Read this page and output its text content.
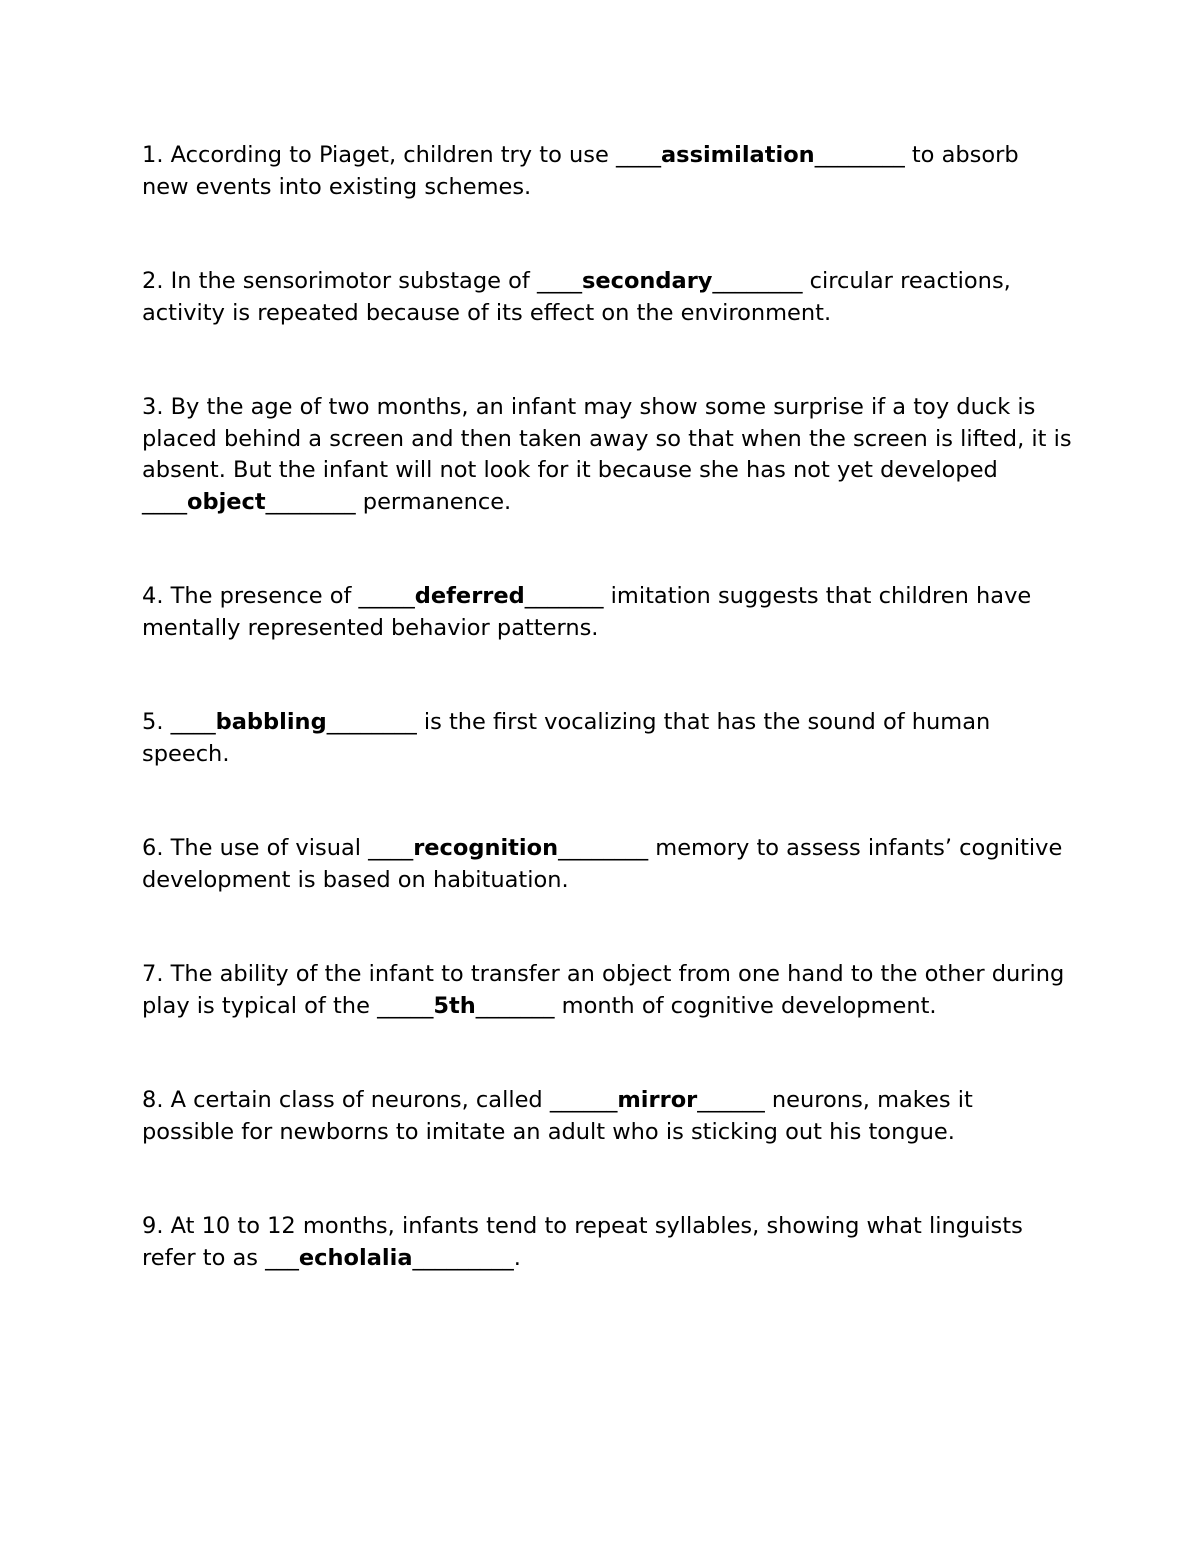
1. According to Piaget, children try to use ____assimilation________ to absorb new events into existing schemes.

2. In the sensorimotor substage of ____secondary________ circular reactions, activity is repeated because of its effect on the environment.

3. By the age of two months, an infant may show some surprise if a toy duck is placed behind a screen and then taken away so that when the screen is lifted, it is absent. But the infant will not look for it because she has not yet developed ____object________ permanence.

4. The presence of _____deferred_______ imitation suggests that children have mentally represented behavior patterns.

5. ____babbling________ is the first vocalizing that has the sound of human speech.

6. The use of visual ____recognition________ memory to assess infants’ cognitive development is based on habituation.

7. The ability of the infant to transfer an object from one hand to the other during play is typical of the _____5th_______ month of cognitive development.

8. A certain class of neurons, called ______mirror______ neurons, makes it possible for newborns to imitate an adult who is sticking out his tongue.

9. At 10 to 12 months, infants tend to repeat syllables, showing what linguists refer to as ___echolalia_________.
